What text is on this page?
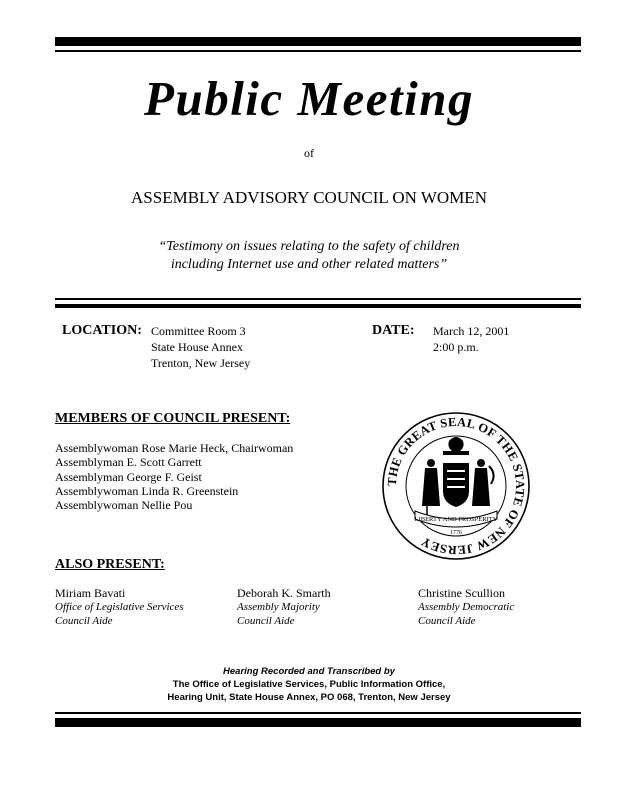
Public Meeting
of
ASSEMBLY ADVISORY COUNCIL ON WOMEN
“Testimony on issues relating to the safety of children
including Internet use and other related matters”
LOCATION: Committee Room 3
State House Annex
Trenton, New Jersey
DATE: March 12, 2001
2:00 p.m.
MEMBERS OF COUNCIL PRESENT:
Assemblywoman Rose Marie Heck, Chairwoman
Assemblyman E. Scott Garrett
Assemblyman George F. Geist
Assemblywoman Linda R. Greenstein
Assemblywoman Nellie Pou
THE GREAT SEAL OF THE STATE OF NEW JERSEY
LIBERTY AND PROSPERITY
1776
ALSO PRESENT:
Miriam Bavati
Office of Legislative Services
Council Aide
Deborah K. Smarth
Assembly Majority
Council Aide
Christine Scullion
Assembly Democratic
Council Aide
Hearing Recorded and Transcribed by
The Office of Legislative Services, Public Information Office,
Hearing Unit, State House Annex, PO 068, Trenton, New Jersey
